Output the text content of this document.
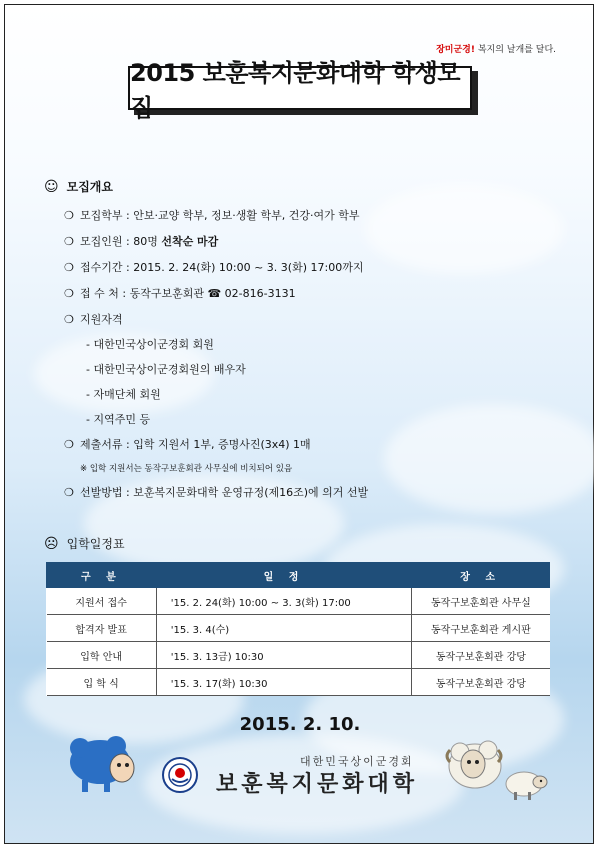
장미군경! 복지의 날개를 달다.
2015 보훈복지문화대학 학생모집
☺ 모집개요
❍ 모집학부
: 안보·교양 학부, 정보·생활 학부, 건강·여가 학부
❍ 모집인원
: 80명
선착순 마감
❍ 접수기간
: 2015. 2. 24(화) 10:00 ~ 3. 3(화) 17:00까지
❍ 접 수 처
: 동작구보훈회관 ☎ 02-816-3131
❍ 지원자격
- 대한민국상이군경회 회원
- 대한민국상이군경회원의 배우자
- 자매단체 회원
- 지역주민 등
❍ 제출서류
: 입학 지원서 1부, 증명사진(3x4) 1매
※ 입학 지원서는 동작구보훈회관 사무실에 비치되어 있음
❍ 선발방법
: 보훈복지문화대학 운영규정(제16조)에 의거 선발
☹ 입학일정표
구 분	일 정	장 소
지원서 접수	'15. 2. 24(화) 10:00 ~ 3. 3(화) 17:00	동작구보훈회관 사무실
합격자 발표	'15. 3. 4(수)	동작구보훈회관 게시판
입학 안내	'15. 3. 13금) 10:30	동작구보훈회관 강당
입 학 식	'15. 3. 17(화) 10:30	동작구보훈회관 강당
2015. 2. 10.
대한민국상이군경회
보훈복지문화대학
